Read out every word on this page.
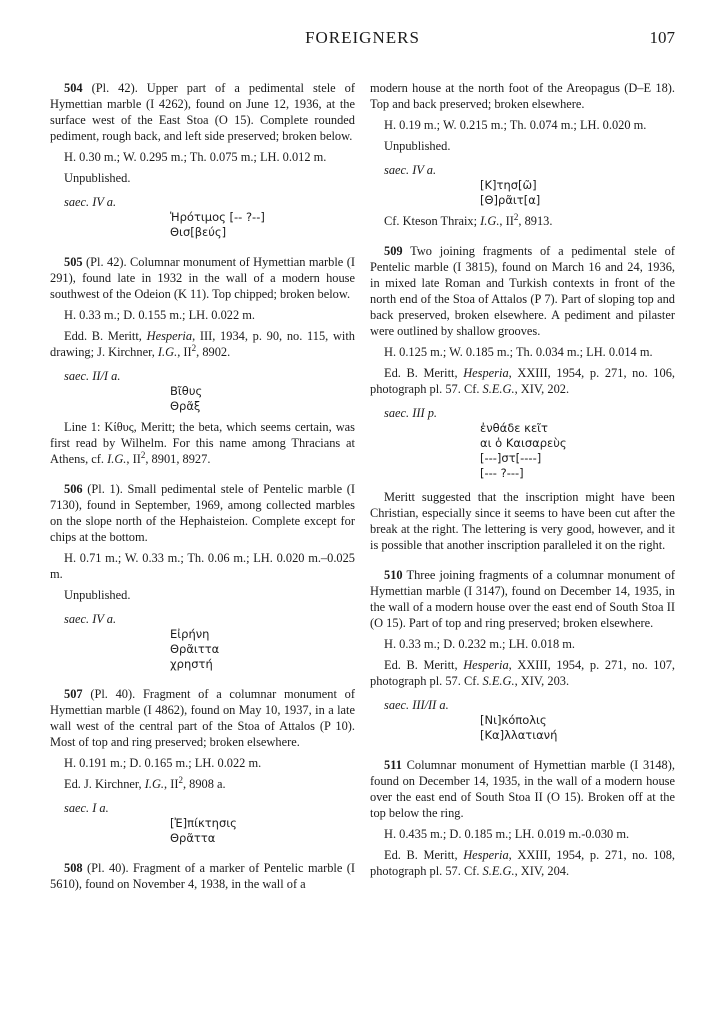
FOREIGNERS	107

504 (Pl. 42). Upper part of a pedimental stele of Hymettian marble (I 4262), found on June 12, 1936, at the surface west of the East Stoa (O 15). Complete rounded pediment, rough back, and left side preserved; broken below.

H. 0.30 m.; W. 0.295 m.; Th. 0.075 m.; LH. 0.012 m.

Unpublished.

saec. IV a.

Ἡρότιμος [-- ?--]
Θισ[βεύς]

505 (Pl. 42). Columnar monument of Hymettian marble (I 291), found late in 1932 in the wall of a modern house southwest of the Odeion (K 11). Top chipped; broken below.

H. 0.33 m.; D. 0.155 m.; LH. 0.022 m.

Edd. B. Meritt, Hesperia, III, 1934, p. 90, no. 115, with drawing; J. Kirchner, I.G., $II^2$, 8902.

saec. II/I a.

Βῖθυς
Θρᾶξ

Line 1: Κίθυς, Meritt; the beta, which seems certain, was first read by Wilhelm. For this name among Thracians at Athens, cf. I.G., $II^2$, 8901, 8927.

506 (Pl. 1). Small pedimental stele of Pentelic marble (I 7130), found in September, 1969, among collected marbles on the slope north of the Hephaisteion. Complete except for chips at the bottom.

H. 0.71 m.; W. 0.33 m.; Th. 0.06 m.; LH. 0.020 m.–0.025 m.

Unpublished.

saec. IV a.

Εἰρήνη
Θρᾶιττα
χρηστή

507 (Pl. 40). Fragment of a columnar monument of Hymettian marble (I 4862), found on May 10, 1937, in a late wall west of the central part of the Stoa of Attalos (P 10). Most of top and ring preserved; broken elsewhere.

H. 0.191 m.; D. 0.165 m.; LH. 0.022 m.

Ed. J. Kirchner, I.G., $II^2$, 8908 a.

saec. I a.

[Ἐ]πίκτησις
Θρᾶττα

508 (Pl. 40). Fragment of a marker of Pentelic marble (I 5610), found on November 4, 1938, in the wall of a

modern house at the north foot of the Areopagus (D–E 18). Top and back preserved; broken elsewhere.

H. 0.19 m.; W. 0.215 m.; Th. 0.074 m.; LH. 0.020 m.

Unpublished.

saec. IV a.

[Κ]τησ[ῶ]
[Θ]ρᾶιτ[α]

Cf. Kteson Thraix; I.G., $II^2$, 8913.

509 Two joining fragments of a pedimental stele of Pentelic marble (I 3815), found on March 16 and 24, 1936, in mixed late Roman and Turkish contexts in front of the north end of the Stoa of Attalos (P 7). Part of sloping top and back preserved, broken elsewhere. A pediment and pilaster were outlined by shallow grooves.

H. 0.125 m.; W. 0.185 m.; Th. 0.034 m.; LH. 0.014 m.

Ed. B. Meritt, Hesperia, XXIII, 1954, p. 271, no. 106, photograph pl. 57. Cf. S.E.G., XIV, 202.

saec. III p.

ἐνθάδε κεῖτ
αι ὁ Καισαρεὺς
[---]στ[----]
[--- ?---]

Meritt suggested that the inscription might have been Christian, especially since it seems to have been cut after the break at the right. The lettering is very good, however, and it is possible that another inscription paralleled it on the right.

510 Three joining fragments of a columnar monument of Hymettian marble (I 3147), found on December 14, 1935, in the wall of a modern house over the east end of South Stoa II (O 15). Part of top and ring preserved; broken elsewhere.

H. 0.33 m.; D. 0.232 m.; LH. 0.018 m.

Ed. B. Meritt, Hesperia, XXIII, 1954, p. 271, no. 107, photograph pl. 57. Cf. S.E.G., XIV, 203.

saec. III/II a.

[Νι]κόπολις
[Κα]λλατιανή

511 Columnar monument of Hymettian marble (I 3148), found on December 14, 1935, in the wall of a modern house over the east end of South Stoa II (O 15). Broken off at the top below the ring.

H. 0.435 m.; D. 0.185 m.; LH. 0.019 m.-0.030 m.

Ed. B. Meritt, Hesperia, XXIII, 1954, p. 271, no. 108, photograph pl. 57. Cf. S.E.G., XIV, 204.
